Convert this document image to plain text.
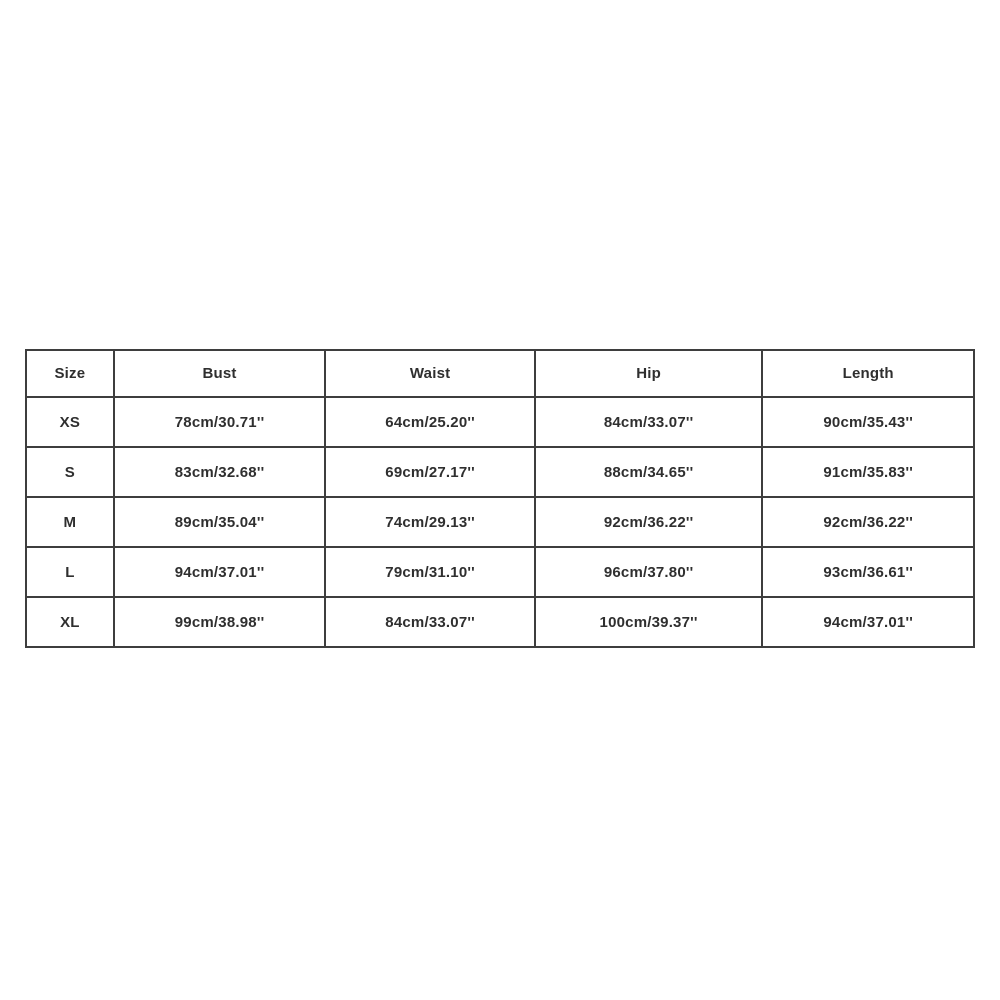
Size	Bust	Waist	Hip	Length
XS	78cm/30.71''	64cm/25.20''	84cm/33.07''	90cm/35.43''
S	83cm/32.68''	69cm/27.17''	88cm/34.65''	91cm/35.83''
M	89cm/35.04''	74cm/29.13''	92cm/36.22''	92cm/36.22''
L	94cm/37.01''	79cm/31.10''	96cm/37.80''	93cm/36.61''
XL	99cm/38.98''	84cm/33.07''	100cm/39.37''	94cm/37.01''
